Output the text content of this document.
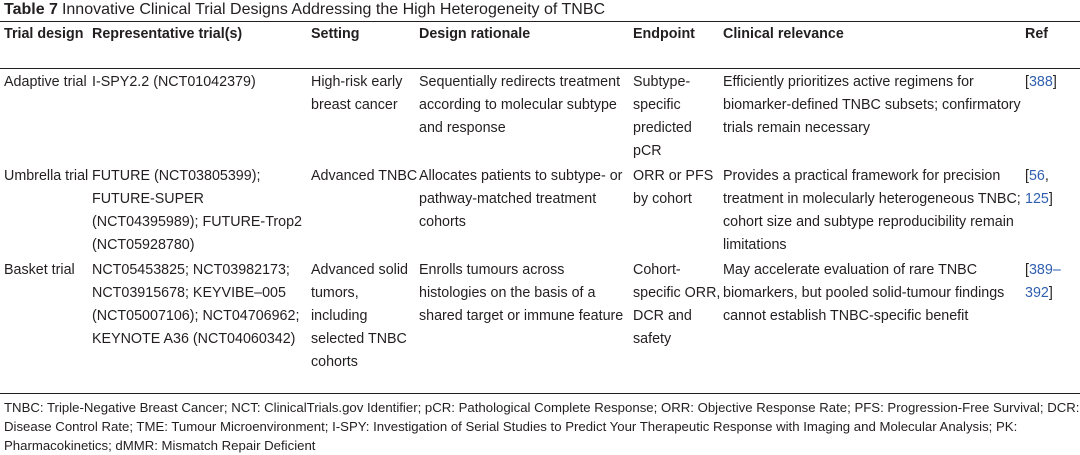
Table 7 Innovative Clinical Trial Designs Addressing the High Heterogeneity of TNBC
Trial design	Representative trial(s)	Setting	Design rationale	Endpoint	Clinical relevance	Ref
Adaptive trial	I-SPY2.2 (NCT01042379)	High-risk early breast cancer	Sequentially redirects treatment according to molecular subtype and response	Subtype-specific predicted pCR	Efficiently prioritizes active regimens for biomarker-defined TNBC subsets; confirmatory trials remain necessary	[388]
Umbrella trial	FUTURE (NCT03805399); FUTURE-SUPER (NCT04395989); FUTURE-Trop2 (NCT05928780)	Advanced TNBC	Allocates patients to subtype- or pathway-matched treatment cohorts	ORR or PFS by cohort	Provides a practical framework for precision treatment in molecularly heterogeneous TNBC; cohort size and subtype reproducibility remain limitations	[56, 125]
Basket trial	NCT05453825; NCT03982173; NCT03915678; KEYVIBE–005 (NCT05007106); NCT04706962; KEYNOTE A36 (NCT04060342)	Advanced solid tumors, including selected TNBC cohorts	Enrolls tumours across histologies on the basis of a shared target or immune feature	Cohort-specific ORR, DCR and safety	May accelerate evaluation of rare TNBC biomarkers, but pooled solid-tumour findings cannot establish TNBC-specific benefit	[389–392]
TNBC: Triple-Negative Breast Cancer; NCT: ClinicalTrials.gov Identifier; pCR: Pathological Complete Response; ORR: Objective Response Rate; PFS: Progression-Free Survival; DCR: Disease Control Rate; TME: Tumour Microenvironment; I-SPY: Investigation of Serial Studies to Predict Your Therapeutic Response with Imaging and Molecular Analysis; PK: Pharmacokinetics; dMMR: Mismatch Repair Deficient
